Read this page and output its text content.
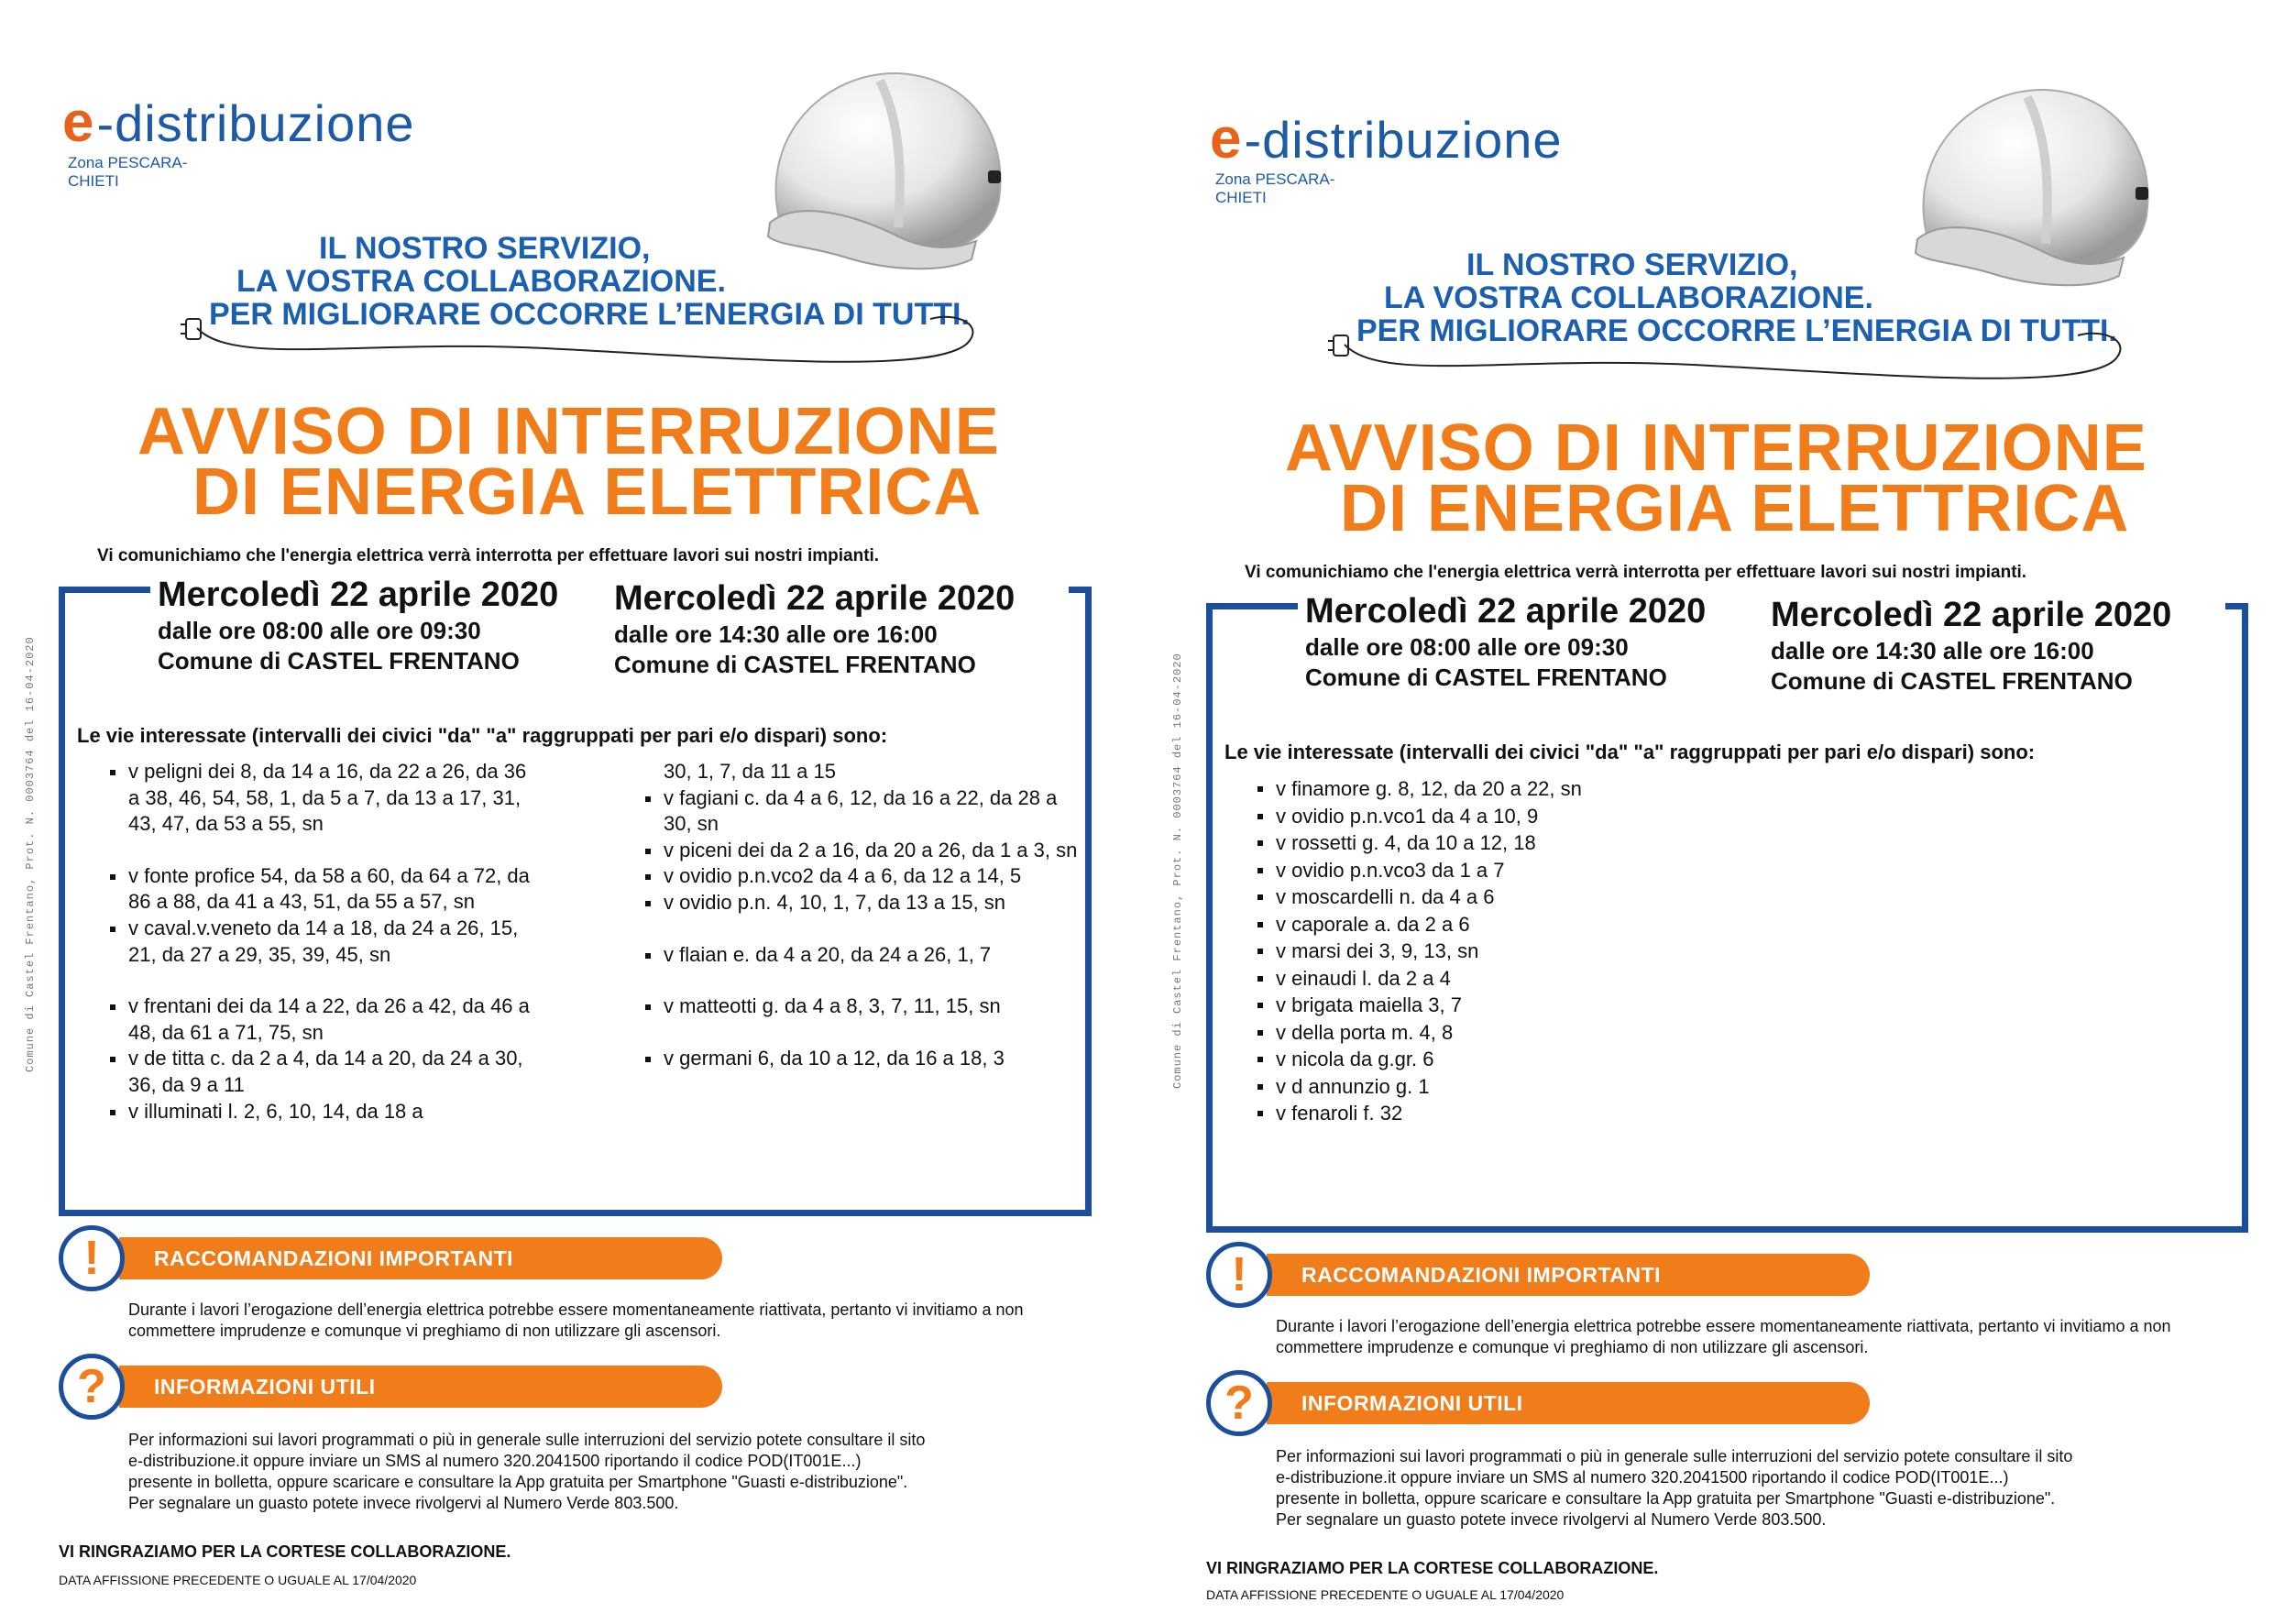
Comune di Castel Frentano, Prot. N. 0003764 del 16-04-2020
e-distribuzione
Zona PESCARA-
CHIETI
IL NOSTRO SERVIZIO,
LA VOSTRA COLLABORAZIONE.
PER MIGLIORARE OCCORRE L’ENERGIA DI TUTTI.
AVVISO DI INTERRUZIONE
DI ENERGIA ELETTRICA
Vi comunichiamo che l'energia elettrica verrà interrotta per effettuare lavori sui nostri impianti.
Mercoledì 22 aprile 2020
dalle ore 08:00 alle ore 09:30
Comune di CASTEL FRENTANO
Mercoledì 22 aprile 2020
dalle ore 14:30 alle ore 16:00
Comune di CASTEL FRENTANO
Le vie interessate (intervalli dei civici "da" "a" raggruppati per pari e/o dispari) sono:
v peligni dei 8, da 14 a 16, da 22 a 26, da 36 a 38, 46, 54, 58, 1, da 5 a 7, da 13 a 17, 31, 43, 47, da 53 a 55, sn
v fonte profice 54, da 58 a 60, da 64 a 72, da 86 a 88, da 41 a 43, 51, da 55 a 57, sn
v caval.v.veneto da 14 a 18, da 24 a 26, 15, 21, da 27 a 29, 35, 39, 45, sn
v frentani dei da 14 a 22, da 26 a 42, da 46 a 48, da 61 a 71, 75, sn
v de titta c. da 2 a 4, da 14 a 20, da 24 a 30, 36, da 9 a 11
v illuminati l. 2, 6, 10, 14, da 18 a
30, 1, 7, da 11 a 15
v fagiani c. da 4 a 6, 12, da 16 a 22, da 28 a 30, sn
v piceni dei da 2 a 16, da 20 a 26, da 1 a 3, sn
v ovidio p.n.vco2 da 4 a 6, da 12 a 14, 5
v ovidio p.n. 4, 10, 1, 7, da 13 a 15, sn
v flaian e. da 4 a 20, da 24 a 26, 1, 7
v matteotti g. da 4 a 8, 3, 7, 11, 15, sn
v germani 6, da 10 a 12, da 16 a 18, 3
RACCOMANDAZIONI IMPORTANTI
!
Durante i lavori l’erogazione dell’energia elettrica potrebbe essere momentaneamente riattivata, pertanto vi invitiamo a non commettere imprudenze e comunque vi preghiamo di non utilizzare gli ascensori.
INFORMAZIONI UTILI
?
Per informazioni sui lavori programmati o più in generale sulle interruzioni del servizio potete consultare il sito
e-distribuzione.it oppure inviare un SMS al numero 320.2041500 riportando il codice POD(IT001E...)
presente in bolletta, oppure scaricare e consultare la App gratuita per Smartphone "Guasti e-distribuzione".
Per segnalare un guasto potete invece rivolgervi al Numero Verde 803.500.
VI RINGRAZIAMO PER LA CORTESE COLLABORAZIONE.
DATA AFFISSIONE PRECEDENTE O UGUALE AL 17/04/2020
Comune di Castel Frentano, Prot. N. 0003764 del 16-04-2020
e-distribuzione
Zona PESCARA-
CHIETI
IL NOSTRO SERVIZIO,
LA VOSTRA COLLABORAZIONE.
PER MIGLIORARE OCCORRE L’ENERGIA DI TUTTI.
AVVISO DI INTERRUZIONE
DI ENERGIA ELETTRICA
Vi comunichiamo che l'energia elettrica verrà interrotta per effettuare lavori sui nostri impianti.
Mercoledì 22 aprile 2020
dalle ore 08:00 alle ore 09:30
Comune di CASTEL FRENTANO
Mercoledì 22 aprile 2020
dalle ore 14:30 alle ore 16:00
Comune di CASTEL FRENTANO
Le vie interessate (intervalli dei civici "da" "a" raggruppati per pari e/o dispari) sono:
v finamore g. 8, 12, da 20 a 22, sn
v ovidio p.n.vco1 da 4 a 10, 9
v rossetti g. 4, da 10 a 12, 18
v ovidio p.n.vco3 da 1 a 7
v moscardelli n. da 4 a 6
v caporale a. da 2 a 6
v marsi dei 3, 9, 13, sn
v einaudi l. da 2 a 4
v brigata maiella 3, 7
v della porta m. 4, 8
v nicola da g.gr. 6
v d annunzio g. 1
v fenaroli f. 32
RACCOMANDAZIONI IMPORTANTI
!
Durante i lavori l’erogazione dell’energia elettrica potrebbe essere momentaneamente riattivata, pertanto vi invitiamo a non commettere imprudenze e comunque vi preghiamo di non utilizzare gli ascensori.
INFORMAZIONI UTILI
?
Per informazioni sui lavori programmati o più in generale sulle interruzioni del servizio potete consultare il sito
e-distribuzione.it oppure inviare un SMS al numero 320.2041500 riportando il codice POD(IT001E...)
presente in bolletta, oppure scaricare e consultare la App gratuita per Smartphone "Guasti e-distribuzione".
Per segnalare un guasto potete invece rivolgervi al Numero Verde 803.500.
VI RINGRAZIAMO PER LA CORTESE COLLABORAZIONE.
DATA AFFISSIONE PRECEDENTE O UGUALE AL 17/04/2020
